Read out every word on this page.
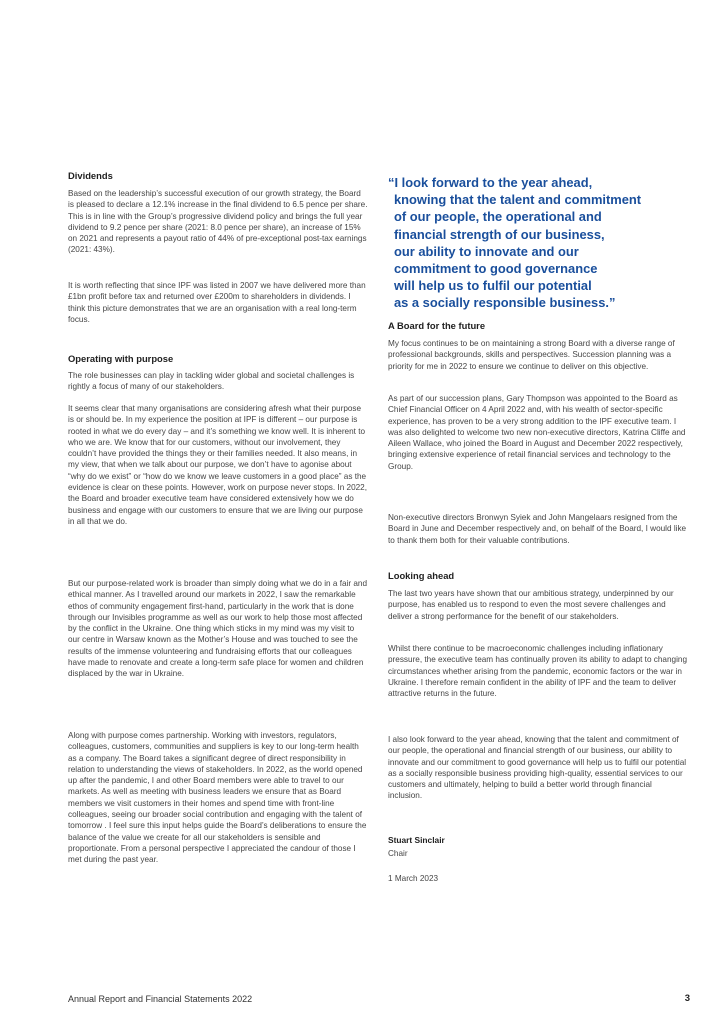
Dividends

Based on the leadership’s successful execution of our growth strategy, the Board is pleased to declare a 12.1% increase in the final dividend to 6.5 pence per share. This is in line with the Group’s progressive dividend policy and brings the full year dividend to 9.2 pence per share (2021: 8.0 pence per share), an increase of 15% on 2021 and represents a payout ratio of 44% of pre-exceptional post-tax earnings (2021: 43%).

It is worth reflecting that since IPF was listed in 2007 we have delivered more than £1bn profit before tax and returned over £200m to shareholders in dividends. I think this picture demonstrates that we are an organisation with a real long-term focus.

Operating with purpose

The role businesses can play in tackling wider global and societal challenges is rightly a focus of many of our stakeholders.

It seems clear that many organisations are considering afresh what their purpose is or should be. In my experience the position at IPF is different – our purpose is rooted in what we do every day – and it’s something we know well. It is inherent to who we are. We know that for our customers, without our involvement, they couldn’t have provided the things they or their families needed. It also means, in my view, that when we talk about our purpose, we don’t have to agonise about “why do we exist” or “how do we know we leave customers in a good place” as the evidence is clear on these points. However, work on purpose never stops. In 2022, the Board and broader executive team have considered extensively how we do business and engage with our customers to ensure that we are living our purpose in all that we do.

But our purpose-related work is broader than simply doing what we do in a fair and ethical manner. As I travelled around our markets in 2022, I saw the remarkable ethos of community engagement first-hand, particularly in the work that is done through our Invisibles programme as well as our work to help those most affected by the conflict in the Ukraine. One thing which sticks in my mind was my visit to our centre in Warsaw known as the Mother’s House and was touched to see the results of the immense volunteering and fundraising efforts that our colleagues have made to renovate and create a long-term safe place for women and children displaced by the war in Ukraine.

Along with purpose comes partnership. Working with investors, regulators, colleagues, customers, communities and suppliers is key to our long-term health as a company. The Board takes a significant degree of direct responsibility in relation to understanding the views of stakeholders. In 2022, as the world opened up after the pandemic, I and other Board members were able to travel to our markets. As well as meeting with business leaders we ensure that as Board members we visit customers in their homes and spend time with front-line colleagues, seeing our broader social contribution and engaging with the talent of tomorrow . I feel sure this input helps guide the Board’s deliberations to ensure the balance of the value we create for all our stakeholders is sensible and proportionate. From a personal perspective I appreciated the candour of those I met during the past year.

“I look forward to the year ahead,
knowing that the talent and commitment
of our people, the operational and
financial strength of our business,
our ability to innovate and our
commitment to good governance
will help us to fulfil our potential
as a socially responsible business.”
A Board for the future

My focus continues to be on maintaining a strong Board with a diverse range of professional backgrounds, skills and perspectives. Succession planning was a priority for me in 2022 to ensure we continue to deliver on this objective.

As part of our succession plans, Gary Thompson was appointed to the Board as Chief Financial Officer on 4 April 2022 and, with his wealth of sector-specific experience, has proven to be a very strong addition to the IPF executive team. I was also delighted to welcome two new non-executive directors, Katrina Cliffe and Aileen Wallace, who joined the Board in August and December 2022 respectively, bringing extensive experience of retail financial services and technology to the Group.

Non-executive directors Bronwyn Syiek and John Mangelaars resigned from the Board in June and December respectively and, on behalf of the Board, I would like to thank them both for their valuable contributions.

Looking ahead

The last two years have shown that our ambitious strategy, underpinned by our purpose, has enabled us to respond to even the most severe challenges and deliver a strong performance for the benefit of our stakeholders.

Whilst there continue to be macroeconomic challenges including inflationary pressure, the executive team has continually proven its ability to adapt to changing circumstances whether arising from the pandemic, economic factors or the war in Ukraine. I therefore remain confident in the ability of IPF and the team to deliver attractive returns in the future.

I also look forward to the year ahead, knowing that the talent and commitment of our people, the operational and financial strength of our business, our ability to innovate and our commitment to good governance will help us to fulfil our potential as a socially responsible business providing high-quality, essential services to our customers and ultimately, helping to build a better world through financial inclusion.

Stuart Sinclair
Chair
1 March 2023
Annual Report and Financial Statements 2022	3
